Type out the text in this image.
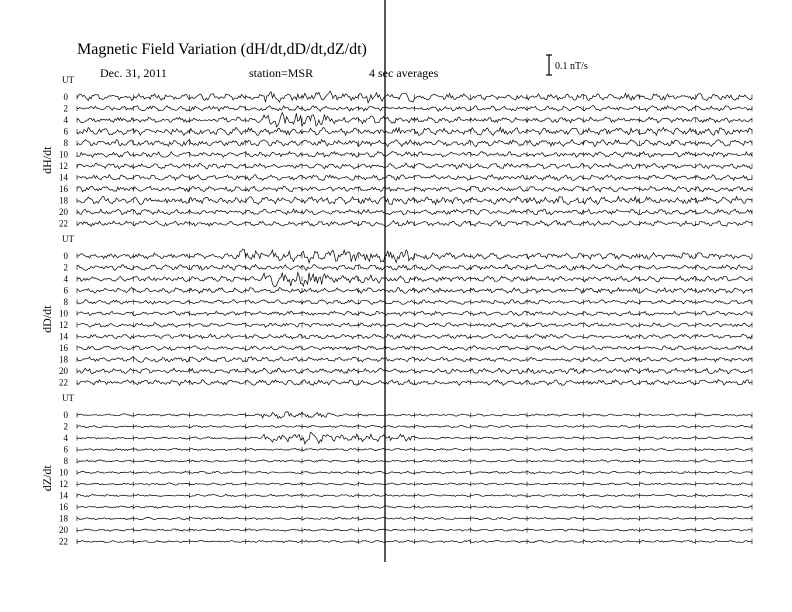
Magnetic Field Variation (dH/dt,dD/dt,dZ/dt)
Dec. 31, 2011	station=MSR	4 sec averages	0.1 nT/s
UT
dH/dt
0
2
4
6
8
10
12
14
16
18
20
22
UT
dD/dt
0
2
4
6
8
10
12
14
16
18
20
22
UT
dZ/dt
0
2
4
6
8
10
12
14
16
18
20
22
